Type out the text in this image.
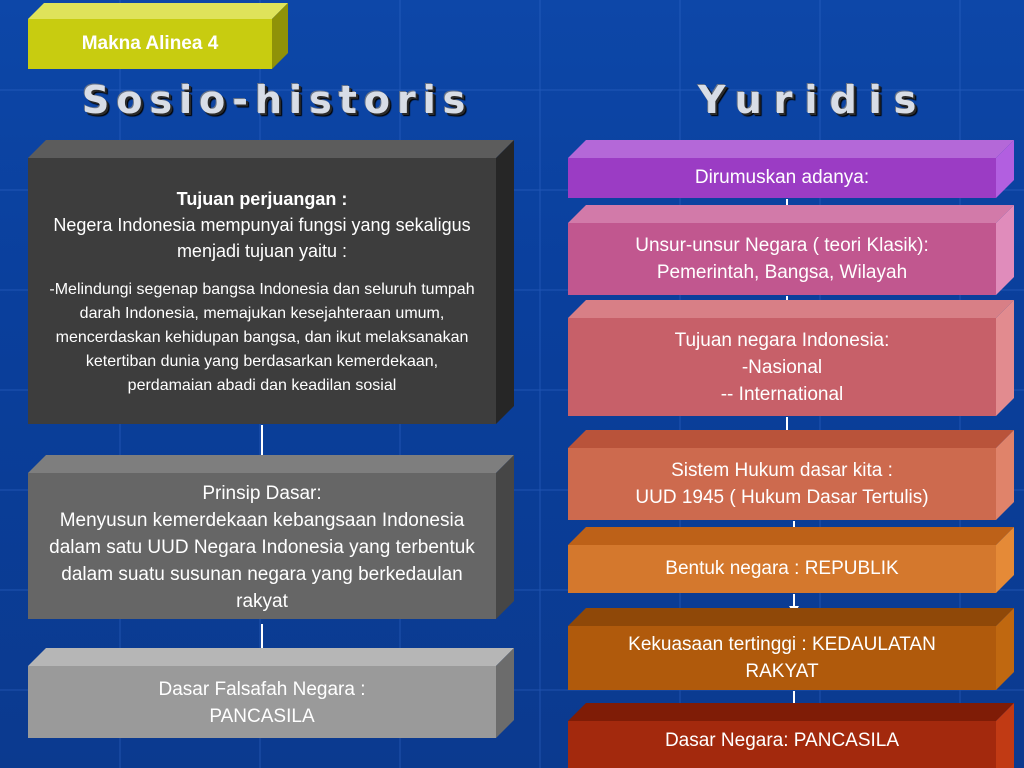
Makna Alinea 4
Sosio-historis	Yuridis
Tujuan perjuangan :
Negera Indonesia mempunyai fungsi yang sekaligus menjadi tujuan yaitu :
-Melindungi segenap bangsa Indonesia dan seluruh tumpah darah Indonesia, memajukan kesejahteraan umum, mencerdaskan kehidupan bangsa, dan ikut melaksanakan ketertiban dunia yang berdasarkan kemerdekaan, perdamaian abadi dan keadilan sosial
Prinsip Dasar:
Menyusun kemerdekaan kebangsaan Indonesia dalam satu UUD Negara Indonesia yang terbentuk dalam suatu susunan negara yang berkedaulan rakyat
Dasar Falsafah Negara :
PANCASILA
Dirumuskan adanya:
Unsur-unsur Negara ( teori Klasik):
Pemerintah, Bangsa, Wilayah
Tujuan negara Indonesia:
-Nasional
-- International
Sistem Hukum dasar kita :
UUD 1945 ( Hukum Dasar Tertulis)
Bentuk negara : REPUBLIK
Kekuasaan tertinggi : KEDAULATAN RAKYAT
Dasar Negara: PANCASILA
